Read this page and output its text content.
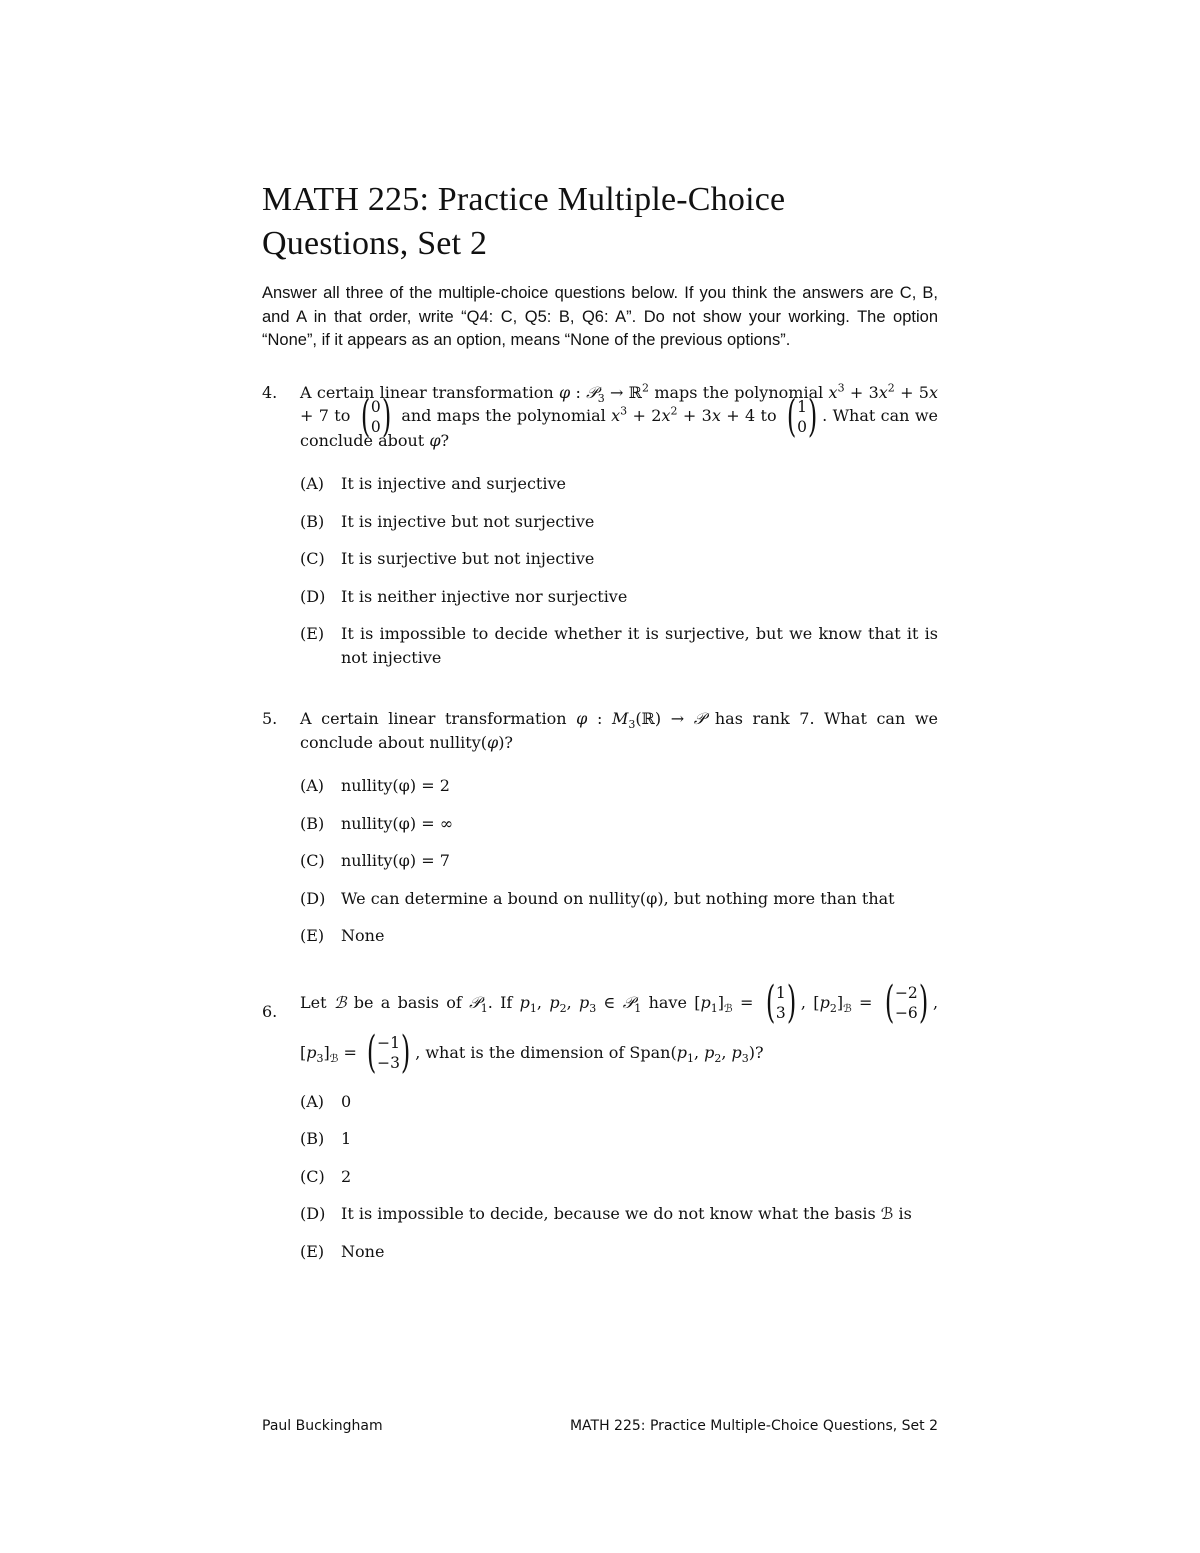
MATH 225: Practice Multiple-Choice Questions, Set 2

Answer all three of the multiple-choice questions below. If you think the answers are C, B, and A in that order, write “Q4: C, Q5: B, Q6: A”. Do not show your working. The option “None”, if it appears as an option, means “None of the previous options”.

4. A certain linear transformation φ : 𝒫$_3$ → ℝ$^2$ maps the polynomial $x^3 + 3x^2 + 5x + 7$ to ( 0
0 ) and maps the polynomial $x^3 + 2x^2 + 3x + 4$ to ( 1
0 ) . What can we conclude about φ?

(A) It is injective and surjective
(B) It is injective but not surjective
(C) It is surjective but not injective
(D) It is neither injective nor surjective
(E) It is impossible to decide whether it is surjective, but we know that it is not injective
5. A certain linear transformation φ : $M_3(ℝ)$ → 𝒫 has rank 7. What can we conclude about nullity(φ)?

(A) nullity(φ) = 2
(B) nullity(φ) = ∞
(C) nullity(φ) = 7
(D) We can determine a bound on nullity(φ), but nothing more than that
(E) None
6. Let ℬ be a basis of 𝒫$_1$. If $p_1$, $p_2$, $p_3$ ∈ 𝒫$_1$ have $[p_1]_ℬ$ = ( 1
3 ) , $[p_2]_ℬ$ = ( −2
−6 ) , $[p_3]_ℬ$ = ( −1
−3 ) , what is the dimension of $Span(p_1$, $p_2$, $p_3$)?

(A) 0
(B) 1
(C) 2
(D) It is impossible to decide, because we do not know what the basis ℬ is
(E) None
Paul Buckingham	MATH 225: Practice Multiple-Choice Questions, Set 2
